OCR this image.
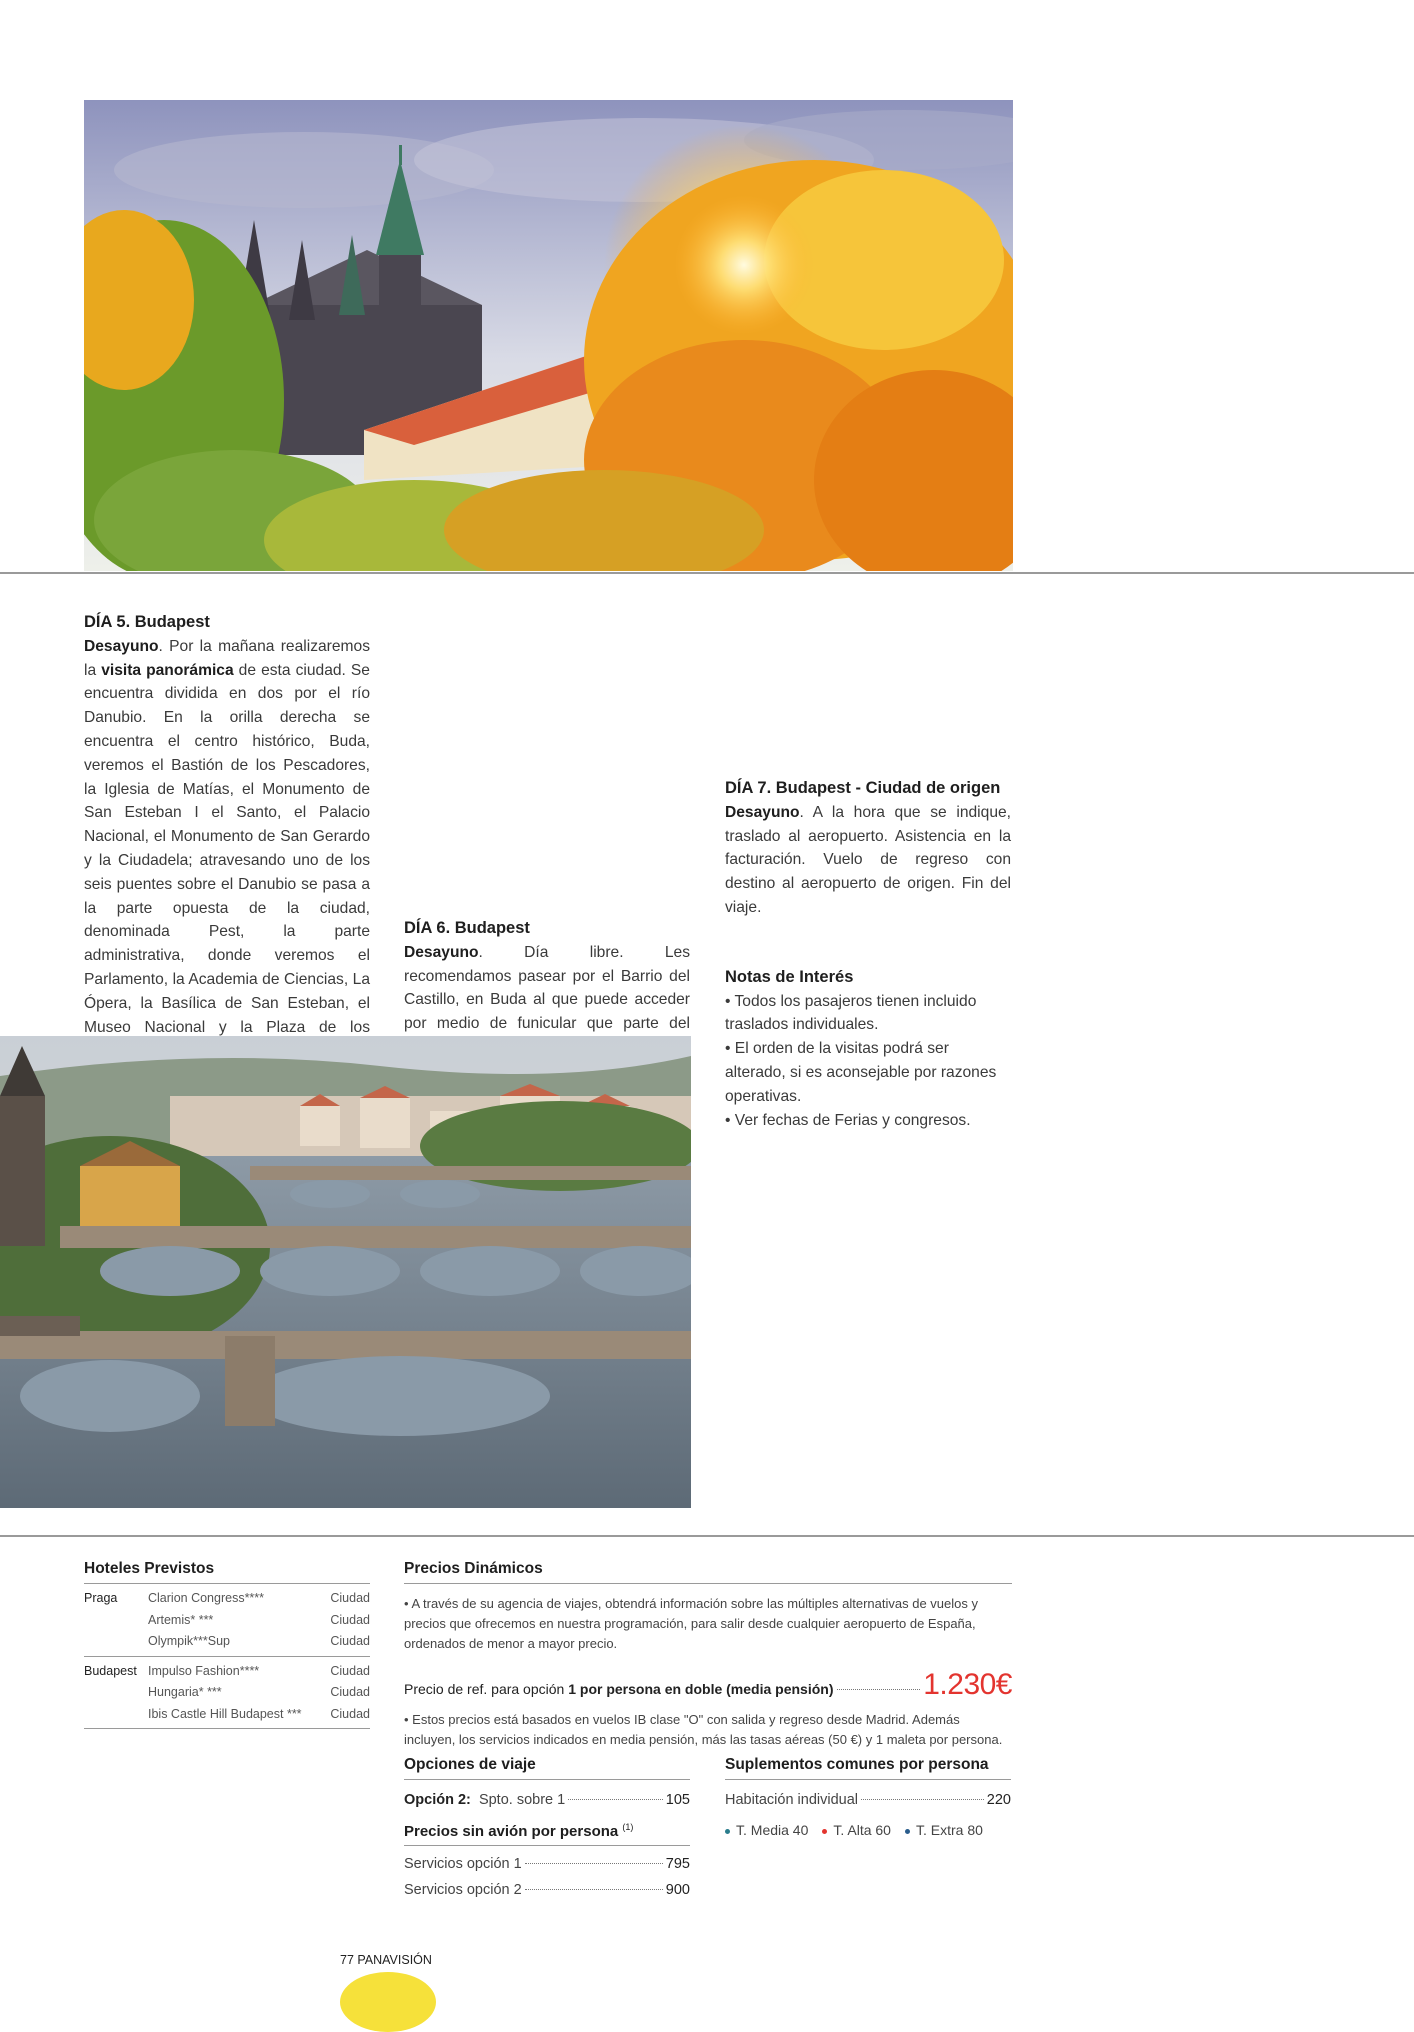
DÍA 5. Budapest

Desayuno. Por la mañana realizaremos la visita panorámica de esta ciudad. Se encuentra dividida en dos por el río Danubio. En la orilla derecha se encuentra el centro histórico, Buda, veremos el Bastión de los Pescadores, la Iglesia de Matías, el Monumento de San Esteban I el Santo, el Palacio Nacional, el Monumento de San Gerardo y la Ciudadela; atravesando uno de los seis puentes sobre el Danubio se pasa a la parte opuesta de la ciudad, denominada Pest, la parte administrativa, donde veremos el Parlamento, la Academia de Ciencias, La Ópera, la Basílica de San Esteban, el Museo Nacional y la Plaza de los

DÍA 6. Budapest

Desayuno. Día libre. Les recomendamos pasear por el Barrio del Castillo, en Buda al que puede acceder por medio de funicular que parte del

DÍA 7. Budapest - Ciudad de origen

Desayuno. A la hora que se indique, traslado al aeropuerto. Asistencia en la facturación. Vuelo de regreso con destino al aeropuerto de origen. Fin del viaje.

Notas de Interés

• Todos los pasajeros tienen incluido traslados individuales.

• El orden de la visitas podrá ser alterado, si es aconsejable por razones operativas.

• Ver fechas de Ferias y congresos.

Hoteles Previstos
Praga	Clarion Congress****	Ciudad
	Artemis* ***	Ciudad
	Olympik***Sup	Ciudad
Budapest	Impulso Fashion****	Ciudad
	Hungaria* ***	Ciudad
	Ibis Castle Hill Budapest ***	Ciudad
Precios Dinámicos

• A través de su agencia de viajes, obtendrá información sobre las múltiples alternativas de vuelos y precios que ofrecemos en nuestra programación, para salir desde cualquier aeropuerto de España, ordenados de menor a mayor precio.

Precio de ref. para opción 1 por persona en doble (media pensión)	1.230€

• Estos precios está basados en vuelos IB clase "O" con salida y regreso desde Madrid. Además incluyen, los servicios indicados en media pensión, más las tasas aéreas (50 €) y 1 maleta por persona.

Opciones de viaje
Opción 2:
Spto. sobre 1	105
Precios sin avión por persona $^{(1)}$
Servicios opción 1	795
Servicios opción 2	900
Suplementos comunes por persona
Habitación individual	220
T. Media 40	T. Alta 60	T. Extra 80
77 PANAVISIÓN
